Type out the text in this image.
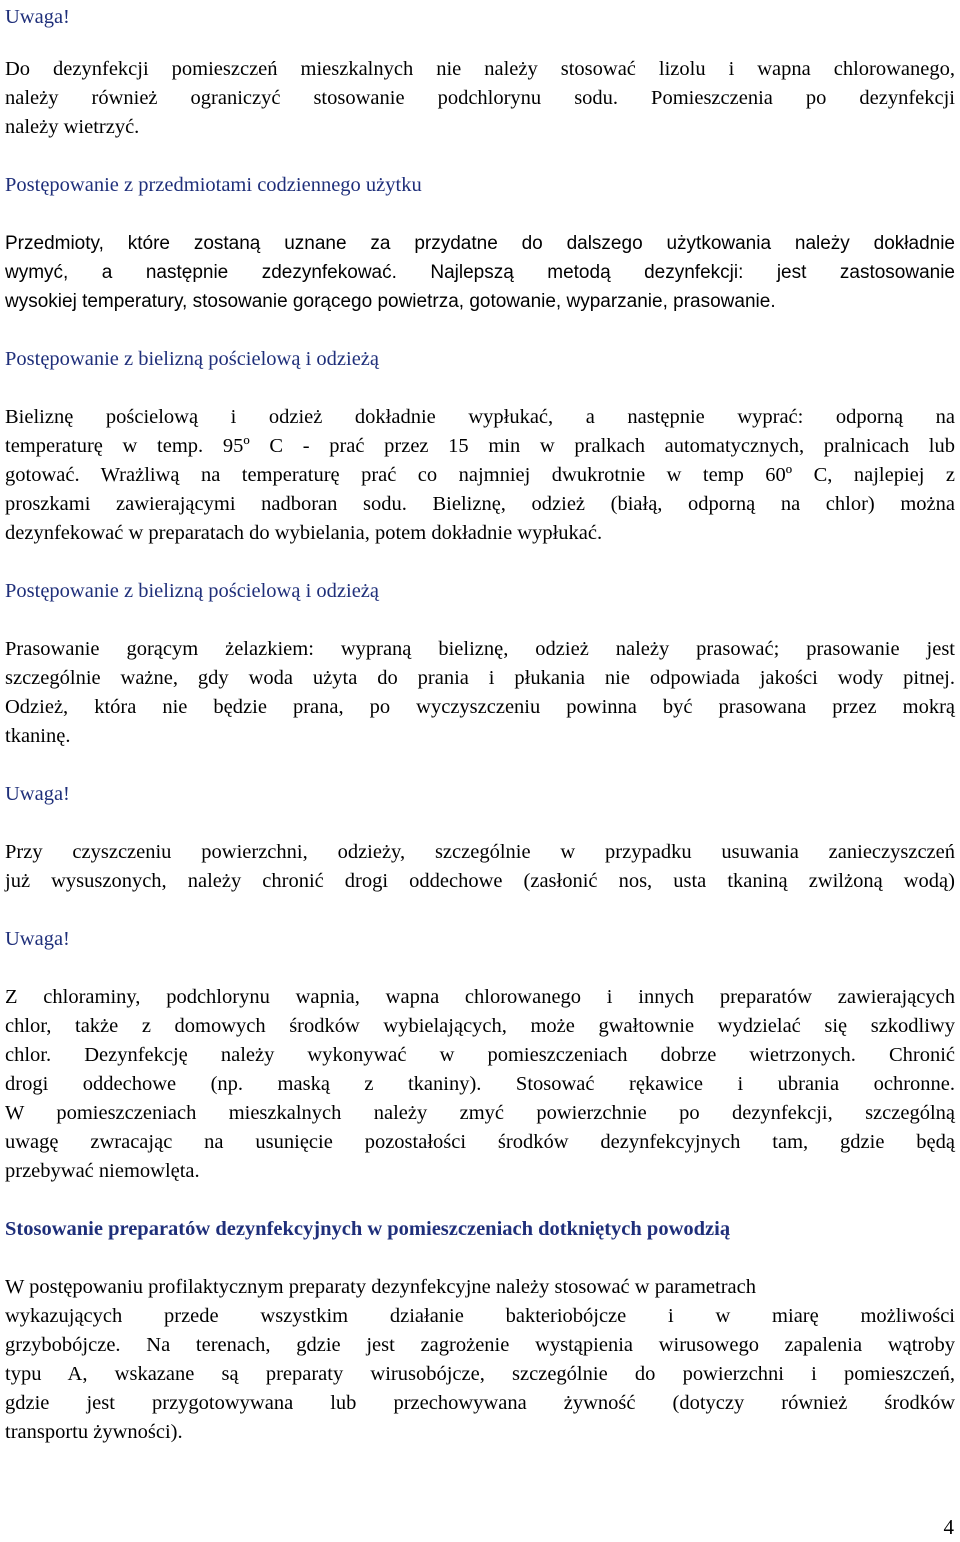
Uwaga!
Do dezynfekcji pomieszczeń mieszkalnych nie należy stosować lizolu i wapna chlorowanego,
należy również ograniczyć stosowanie podchlorynu sodu. Pomieszczenia po dezynfekcji
należy wietrzyć.
Postępowanie z przedmiotami codziennego użytku
Przedmioty, które zostaną uznane za przydatne do dalszego użytkowania należy dokładnie
wymyć, a następnie zdezynfekować. Najlepszą metodą dezynfekcji: jest zastosowanie
wysokiej temperatury, stosowanie gorącego powietrza, gotowanie, wyparzanie, prasowanie.
Postępowanie z bielizną pościelową i odzieżą
Bieliznę pościelową i odzież dokładnie wypłukać, a następnie wyprać: odporną na
temperaturę w temp. 95º C - prać przez 15 min w pralkach automatycznych, pralnicach lub
gotować. Wrażliwą na temperaturę prać co najmniej dwukrotnie w temp 60º C, najlepiej z
proszkami zawierającymi nadboran sodu. Bieliznę, odzież (białą, odporną na chlor) można
dezynfekować w preparatach do wybielania, potem dokładnie wypłukać.
Postępowanie z bielizną pościelową i odzieżą
Prasowanie gorącym żelazkiem: wypraną bieliznę, odzież należy prasować; prasowanie jest
szczególnie ważne, gdy woda użyta do prania i płukania nie odpowiada jakości wody pitnej.
Odzież, która nie będzie prana, po wyczyszczeniu powinna być prasowana przez mokrą
tkaninę.
Uwaga!
Przy czyszczeniu powierzchni, odzieży, szczególnie w przypadku usuwania zanieczyszczeń
już wysuszonych, należy chronić drogi oddechowe (zasłonić nos, usta tkaniną zwilżoną wodą)
Uwaga!
Z chloraminy, podchlorynu wapnia, wapna chlorowanego i innych preparatów zawierających
chlor, także z domowych środków wybielających, może gwałtownie wydzielać się szkodliwy
chlor. Dezynfekcję należy wykonywać w pomieszczeniach dobrze wietrzonych. Chronić
drogi oddechowe (np. maską z tkaniny). Stosować rękawice i ubrania ochronne.
W pomieszczeniach mieszkalnych należy zmyć powierzchnie po dezynfekcji, szczególną
uwagę zwracając na usunięcie pozostałości środków dezynfekcyjnych tam, gdzie będą
przebywać niemowlęta.
Stosowanie preparatów dezynfekcyjnych w pomieszczeniach dotkniętych powodzią
W postępowaniu profilaktycznym preparaty dezynfekcyjne należy stosować w parametrach
wykazujących przede wszystkim działanie bakteriobójcze i w miarę możliwości
grzybobójcze. Na terenach, gdzie jest zagrożenie wystąpienia wirusowego zapalenia wątroby
typu A, wskazane są preparaty wirusobójcze, szczególnie do powierzchni i pomieszczeń,
gdzie jest przygotowywana lub przechowywana żywność (dotyczy również środków
transportu żywności).
4
